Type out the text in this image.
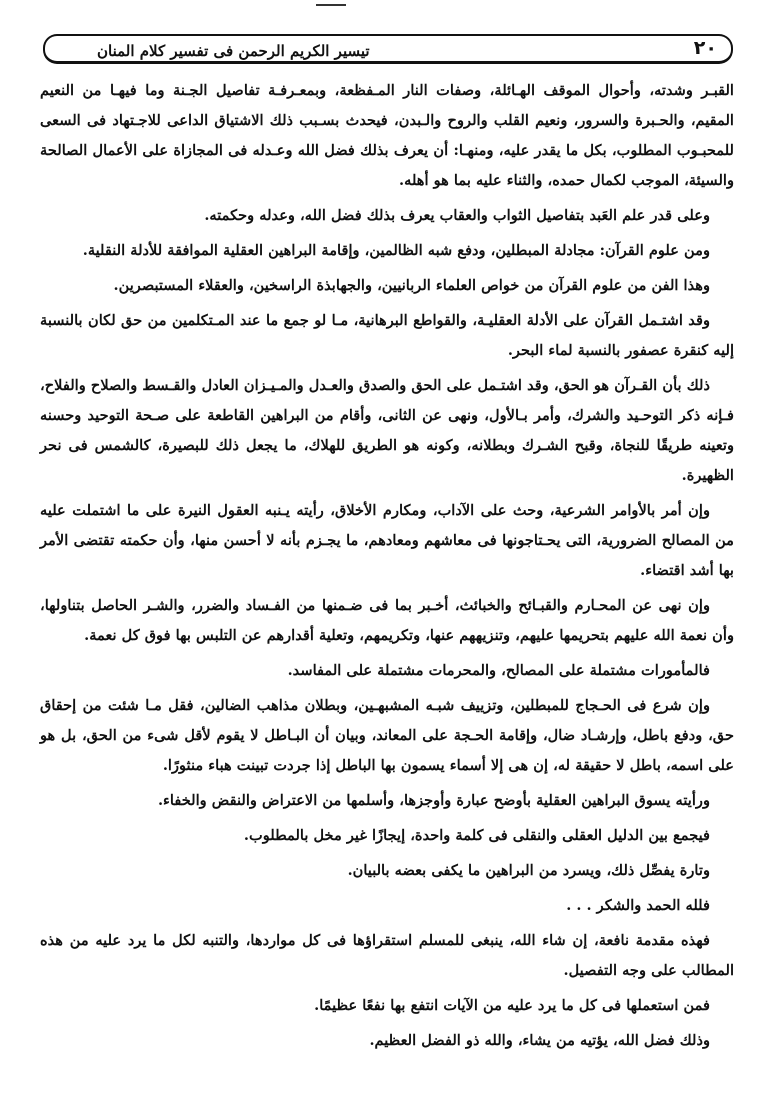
تيسير الكريم الرحمن فى تفسير كلام المنان	٢٠

القبـر وشدته، وأحوال الموقف الهـائلة، وصفات النار المـفظعة، وبمعـرفـة تفاصيل الجـنة وما فيهـا من النعيم المقيم، والحـبرة والسرور، ونعيم القلب والروح والـبدن، فيحدث بسـبب ذلك الاشتياق الداعى للاجـتهاد فى السعى للمحبـوب المطلوب، بكل ما يقدر عليه، ومنهـا: أن يعرف بذلك فضل الله وعـدله فى المجازاة على الأعمال الصالحة والسيئة، الموجب لكمال حمده، والثناء عليه بما هو أهله.

وعلى قدر علم العَبد بتفاصيل الثواب والعقاب يعرف بذلك فضل الله، وعدله وحكمته.

ومن علوم القرآن: مجادلة المبطلين، ودفع شبه الظالمين، وإقامة البراهين العقلية الموافقة للأدلة النقلية.

وهذا الفن من علوم القرآن من خواص العلماء الربانيين، والجهابذة الراسخين، والعقلاء المستبصرين.

وقد اشتـمل القرآن على الأدلة العقليـة، والقواطع البرهانية، مـا لو جمع ما عند المـتكلمين من حق لكان بالنسبة إليه كنقرة عصفور بالنسبة لماء البحر.

ذلك بأن القـرآن هو الحق، وقد اشتـمل على الحق والصدق والعـدل والمـيـزان العادل والقـسط والصلاح والفلاح، فـإنه ذكر التوحـيد والشرك، وأمر بـالأول، ونهى عن الثانى، وأقام من البراهين القاطعة على صـحة التوحيد وحسنه وتعينه طريقًا للنجاة، وقبح الشـرك وبطلانه، وكونه هو الطريق للهلاك، ما يجعل ذلك للبصيرة، كالشمس فى نحر الظهيرة.

وإن أمر بالأوامر الشرعية، وحث على الآداب، ومكارم الأخلاق، رأيته يـنبه العقول النيرة على ما اشتملت عليه من المصالح الضرورية، التى يحـتاجونها فى معاشهم ومعادهم، ما يجـزم بأنه لا أحسن منها، وأن حكمته تقتضى الأمر بها أشد اقتضاء.

وإن نهى عن المحـارم والقبـائح والخبائث، أخـبر بما فى ضـمنها من الفـساد والضرر، والشـر الحاصل بتناولها، وأن نعمة الله عليهم بتحريمها عليهم، وتنزيههم عنها، وتكريمهم، وتعلية أقدارهم عن التلبس بها فوق كل نعمة.

فالمأمورات مشتملة على المصالح، والمحرمات مشتملة على المفاسد.

وإن شرع فى الحـجاج للمبطلين، وتزييف شبـه المشبهـين، وبطلان مذاهب الضالين، فقل مـا شئت من إحقاق حق، ودفع باطل، وإرشـاد ضال، وإقامة الحـجة على المعاند، وبيان أن البـاطل لا يقوم لأقل شىء من الحق، بل هو على اسمه، باطل لا حقيقة له، إن هى إلا أسماء يسمون بها الباطل إذا جردت تبينت هباء منثورًا.

ورأيته يسوق البراهين العقلية بأوضح عبارة وأوجزها، وأسلمها من الاعتراض والنقض والخفاء.

فيجمع بين الدليل العقلى والنقلى فى كلمة واحدة، إيجازًا غير مخل بالمطلوب.

وتارة يفصِّل ذلك، ويسرد من البراهين ما يكفى بعضه بالبيان.

فلله الحمد والشكر . . .

فهذه مقدمة نافعة، إن شاء الله، ينبغى للمسلم استقراؤها فى كل مواردها، والتنبه لكل ما يرد عليه من هذه المطالب على وجه التفصيل.

فمن استعملها فى كل ما يرد عليه من الآيات انتفع بها نفعًا عظيمًا.

وذلك فضل الله، يؤتيه من يشاء، والله ذو الفضل العظيم.
